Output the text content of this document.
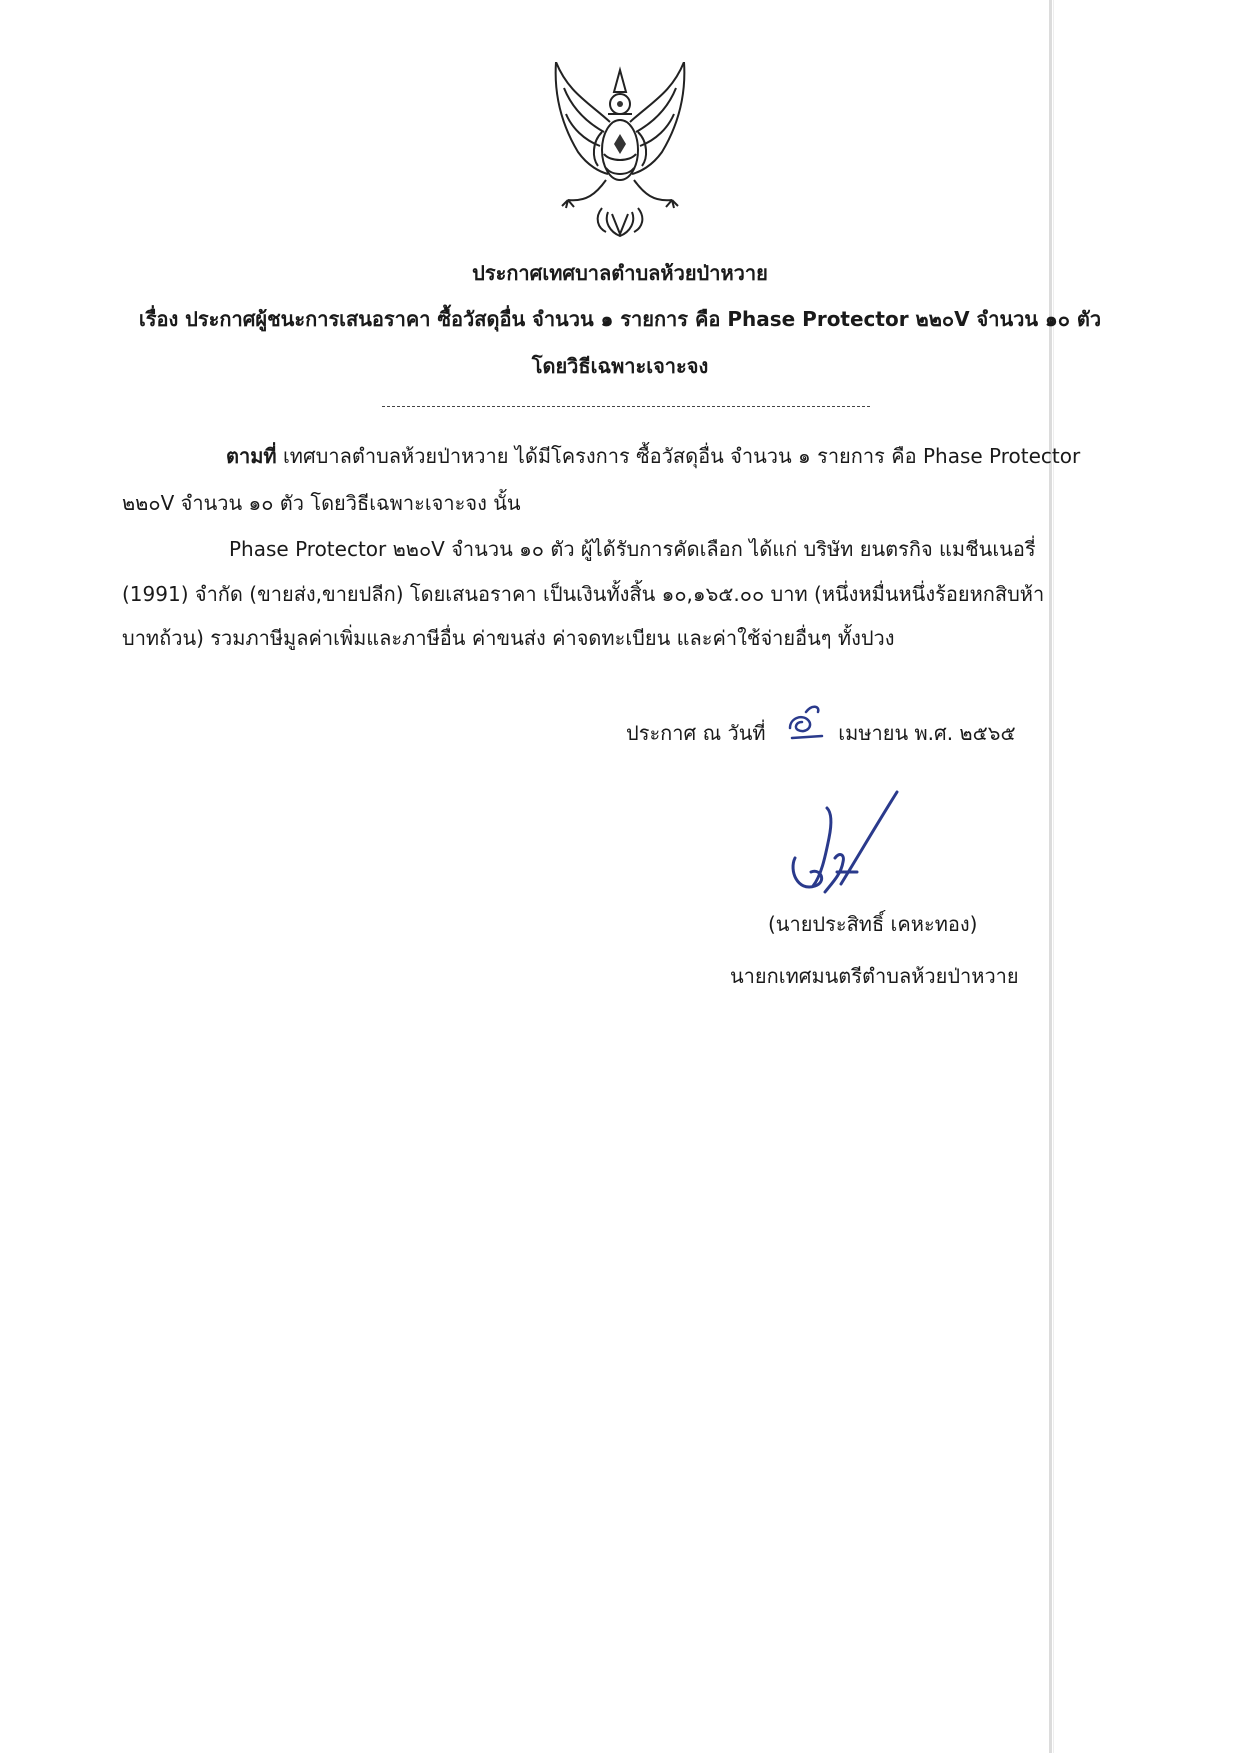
ประกาศเทศบาลตำบลห้วยป่าหวาย
เรื่อง ประกาศผู้ชนะการเสนอราคา ซื้อวัสดุอื่น จำนวน ๑ รายการ คือ Phase Protector ๒๒๐V จำนวน ๑๐ ตัว
โดยวิธีเฉพาะเจาะจง
ตามที่ เทศบาลตำบลห้วยป่าหวาย ได้มีโครงการ ซื้อวัสดุอื่น จำนวน ๑ รายการ คือ Phase Protector
๒๒๐V จำนวน ๑๐ ตัว โดยวิธีเฉพาะเจาะจง นั้น
Phase Protector ๒๒๐V จำนวน ๑๐ ตัว ผู้ได้รับการคัดเลือก ได้แก่ บริษัท ยนตรกิจ แมชีนเนอรี่
(1991) จำกัด (ขายส่ง,ขายปลีก) โดยเสนอราคา เป็นเงินทั้งสิ้น ๑๐,๑๖๕.๐๐ บาท (หนึ่งหมื่นหนึ่งร้อยหกสิบห้า
บาทถ้วน) รวมภาษีมูลค่าเพิ่มและภาษีอื่น ค่าขนส่ง ค่าจดทะเบียน และค่าใช้จ่ายอื่นๆ ทั้งปวง
ประกาศ ณ วันที่	เมษายน พ.ศ. ๒๕๖๕
(นายประสิทธิ์ เคหะทอง)
นายกเทศมนตรีตำบลห้วยป่าหวาย
